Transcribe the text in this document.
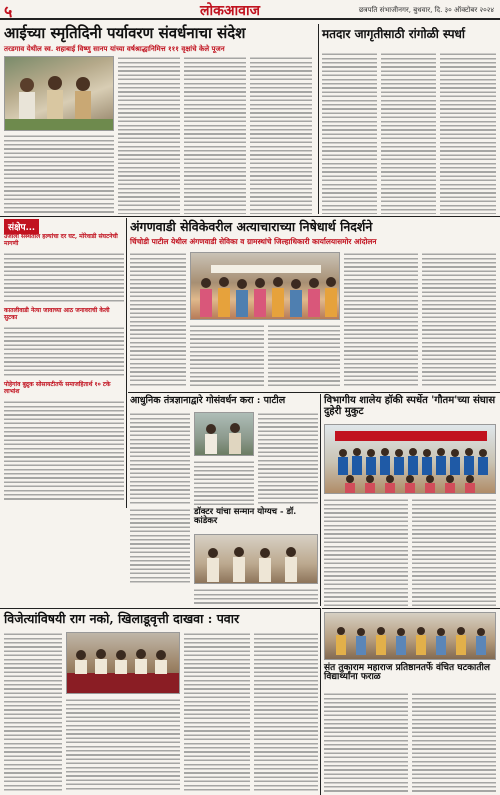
५	लोकआवाज	छत्रपति संभाजीनगर, बुधवार, दि. ३० ऑक्टोबर २०२४
आईच्या स्मृतिदिनी पर्यावरण संवर्धनाचा संदेश
तरडगाव येथील स्व. शहाबाई विष्णु सानप यांच्या वर्षश्राद्धानिमित्त १११ वृक्षांचे केले पूजन
मतदार जागृतीसाठी रांगोळी स्पर्धा
संक्षेप...
उजाला संस्थेतील हल्यांचा दर घट, मोरेवाडी संघटनेची मागणी
कातलीवाडी नेत्या जावाच्या आठ जनावराची केली सुटका
पोहेगांव बुद्रुक सोसायटीतर्फे समाजहितार्थ १० टके लाभांश
अंगणवाडी सेविकेवरील अत्याचाराच्या निषेधार्थ निदर्शने
चिंचोडी पाटील येथील अंगणवाडी सेविका व ग्रामस्थांचे जिल्हाधिकारी कार्यालयासमोर आंदोलन
आधुनिक तंत्रज्ञानाद्वारे गोसंवर्धन करा : पाटील
डॉक्टर यांचा सन्मान योग्यच - डॉ. कांडेकर
विभागीय शालेय हॉकी स्पर्धेत 'गौतम'च्या संघास दुहेरी मुकुट
विजेत्यांविषयी राग नको, खिलाडूवृत्ती दाखवा : पवार
संत तुकाराम महाराज प्रतिष्ठानतर्फे वंचित घटकातील विद्यार्थ्यांना फराळ
